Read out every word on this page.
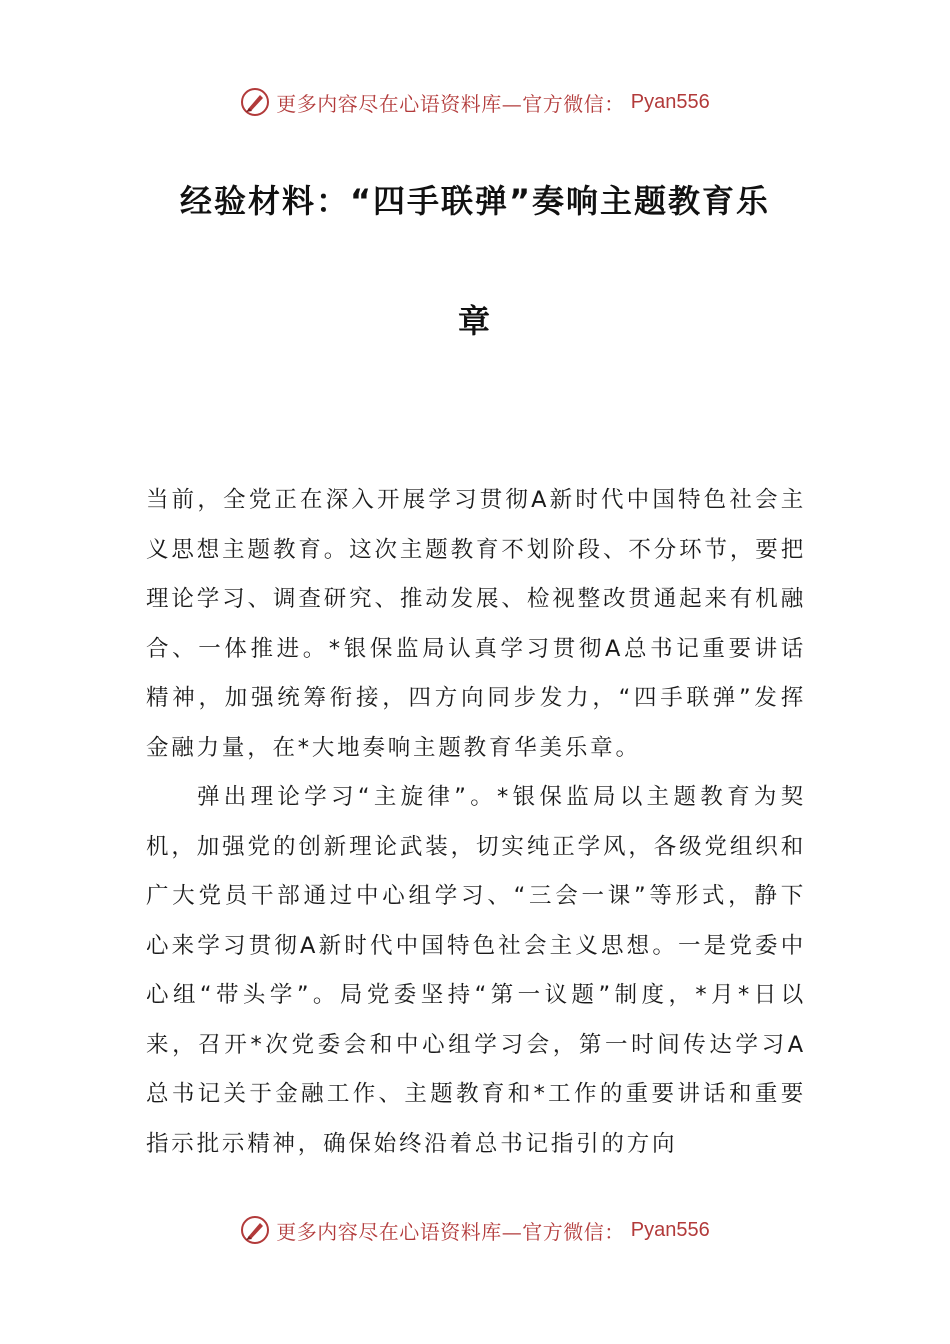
更多内容尽在心语资料库—官方微信： Pyan556
经验材料：“四手联弹”奏响主题教育乐
章

当前，全党正在深入开展学习贯彻A新时代中国特色社会主义思想主题教育。这次主题教育不划阶段、不分环节，要把理论学习、调查研究、推动发展、检视整改贯通起来有机融合、一体推进。*银保监局认真学习贯彻A总书记重要讲话精神，加强统筹衔接，四方向同步发力，“四手联弹”发挥金融力量，在*大地奏响主题教育华美乐章。

弹出理论学习“主旋律”。*银保监局以主题教育为契机，加强党的创新理论武装，切实纯正学风，各级党组织和广大党员干部通过中心组学习、“三会一课”等形式，静下心来学习贯彻A新时代中国特色社会主义思想。一是党委中心组“带头学”。局党委坚持“第一议题”制度，*月*日以来，召开*次党委会和中心组学习会，第一时间传达学习A总书记关于金融工作、主题教育和*工作的重要讲话和重要指示批示精神，确保始终沿着总书记指引的方向

更多内容尽在心语资料库—官方微信： Pyan556
